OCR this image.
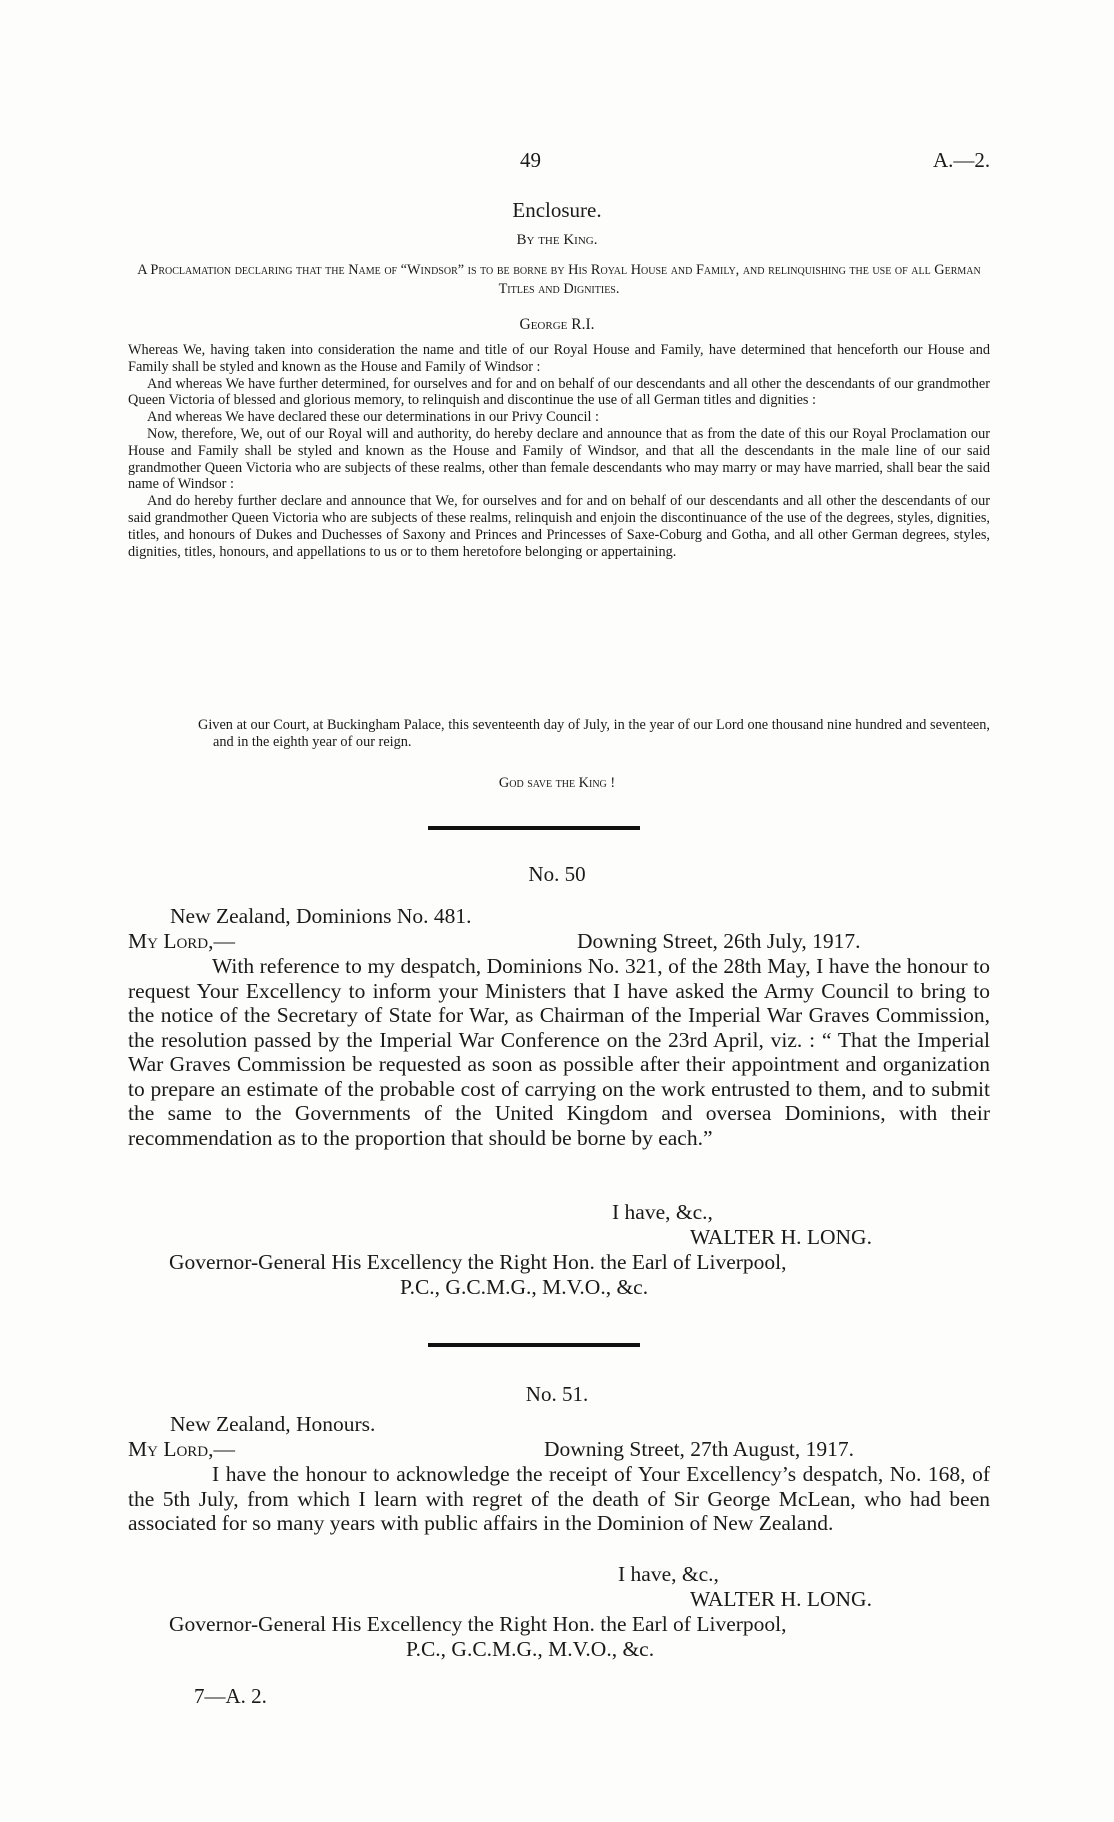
49	A.—2.
Enclosure.
By the King.
A Proclamation declaring that the Name of “Windsor” is to be borne by His Royal House and Family, and relinquishing the use of all German Titles and Dignities.
George R.I.

Whereas We, having taken into consideration the name and title of our Royal House and Family, have determined that henceforth our House and Family shall be styled and known as the House and Family of Windsor :

And whereas We have further determined, for ourselves and for and on behalf of our descendants and all other the descendants of our grandmother Queen Victoria of blessed and glorious memory, to relinquish and discontinue the use of all German titles and dignities :

And whereas We have declared these our determinations in our Privy Council :

Now, therefore, We, out of our Royal will and authority, do hereby declare and announce that as from the date of this our Royal Proclamation our House and Family shall be styled and known as the House and Family of Windsor, and that all the descendants in the male line of our said grandmother Queen Victoria who are subjects of these realms, other than female descendants who may marry or may have married, shall bear the said name of Windsor :

And do hereby further declare and announce that We, for ourselves and for and on behalf of our descendants and all other the descendants of our said grandmother Queen Victoria who are subjects of these realms, relinquish and enjoin the discontinuance of the use of the degrees, styles, dignities, titles, and honours of Dukes and Duchesses of Saxony and Princes and Princesses of Saxe-Coburg and Gotha, and all other German degrees, styles, dignities, titles, honours, and appellations to us or to them heretofore belonging or appertaining.

Given at our Court, at Buckingham Palace, this seventeenth day of July, in the year of our Lord one thousand nine hundred and seventeen, and in the eighth year of our reign.
God save the King !
No. 50
New Zealand, Dominions No. 481.
My Lord,—	Downing Street, 26th July, 1917.
With reference to my despatch, Dominions No. 321, of the 28th May, I have the honour to request Your Excellency to inform your Ministers that I have asked the Army Council to bring to the notice of the Secretary of State for War, as Chairman of the Imperial War Graves Commission, the resolution passed by the Imperial War Conference on the 23rd April, viz. : “ That the Imperial War Graves Commission be requested as soon as possible after their appointment and organization to prepare an estimate of the probable cost of carrying on the work entrusted to them, and to submit the same to the Governments of the United Kingdom and oversea Dominions, with their recommendation as to the proportion that should be borne by each.”
I have, &c.,
WALTER H. LONG.
Governor-General His Excellency the Right Hon. the Earl of Liverpool,
P.C., G.C.M.G., M.V.O., &c.
No. 51.
New Zealand, Honours.
My Lord,—	Downing Street, 27th August, 1917.
I have the honour to acknowledge the receipt of Your Excellency’s despatch, No. 168, of the 5th July, from which I learn with regret of the death of Sir George McLean, who had been associated for so many years with public affairs in the Dominion of New Zealand.
I have, &c.,
WALTER H. LONG.
Governor-General His Excellency the Right Hon. the Earl of Liverpool,
P.C., G.C.M.G., M.V.O., &c.
7—A. 2.
